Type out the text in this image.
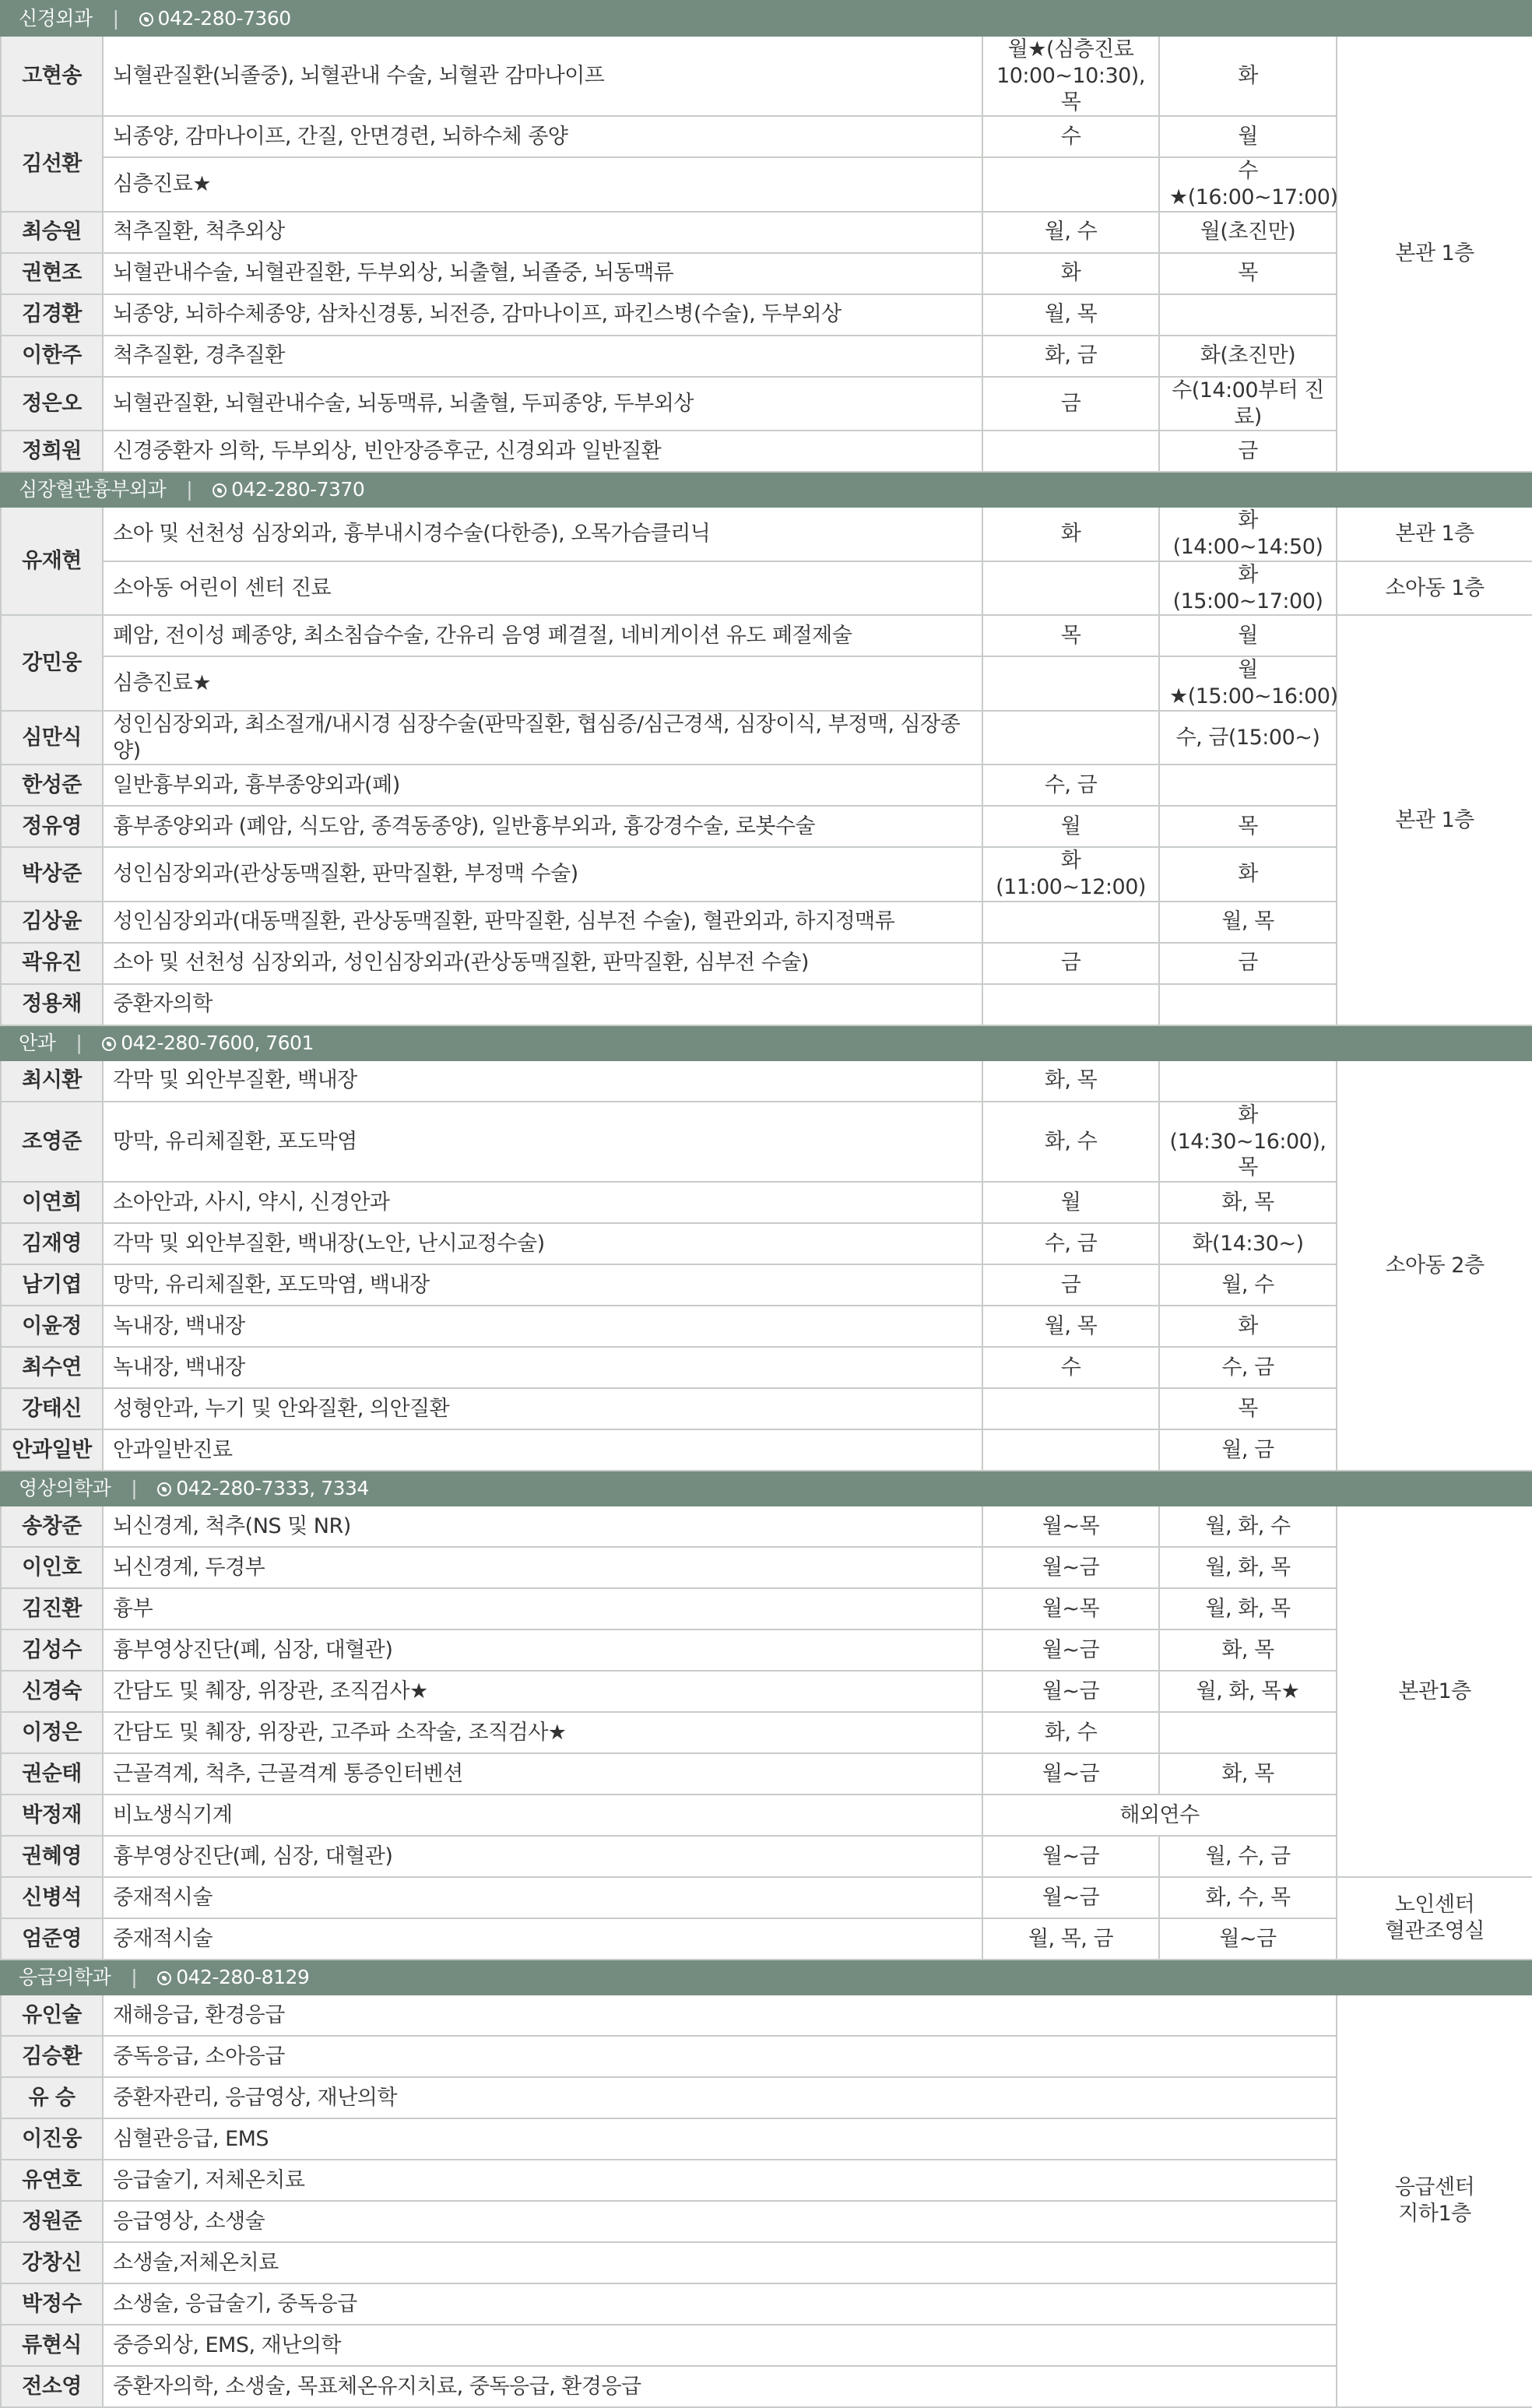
신경외과 | 042-280-7360				
고현송	뇌혈관질환(뇌졸중), 뇌혈관내 수술, 뇌혈관 감마나이프	월★(심층진료 10:00~10:30), 목	화	본관 1층
김선환	뇌종양, 감마나이프, 간질, 안면경련, 뇌하수체 종양	수	월	
	심층진료★		수★(16:00~17:00)	
최승원	척추질환, 척추외상	월, 수	월(초진만)	
권현조	뇌혈관내수술, 뇌혈관질환, 두부외상, 뇌출혈, 뇌졸중, 뇌동맥류	화	목	
김경환	뇌종양, 뇌하수체종양, 삼차신경통, 뇌전증, 감마나이프, 파킨스병(수술), 두부외상	월, 목		
이한주	척추질환, 경추질환	화, 금	화(초진만)	
정은오	뇌혈관질환, 뇌혈관내수술, 뇌동맥류, 뇌출혈, 두피종양, 두부외상	금	수(14:00부터 진료)	
정희원	신경중환자 의학, 두부외상, 빈안장증후군, 신경외과 일반질환		금	
심장혈관흉부외과 | 042-280-7370				
유재현	소아 및 선천성 심장외과, 흉부내시경수술(다한증), 오목가슴클리닉	화	화(14:00~14:50)	본관 1층
	소아동 어린이 센터 진료		화(15:00~17:00)	소아동 1층
강민웅	폐암, 전이성 폐종양, 최소침습수술, 간유리 음영 폐결절, 네비게이션 유도 폐절제술	목	월	본관 1층
	심층진료★		월★(15:00~16:00)	
심만식	성인심장외과, 최소절개/내시경 심장수술(판막질환, 협심증/심근경색, 심장이식, 부정맥, 심장종양)		수, 금(15:00~)	
한성준	일반흉부외과, 흉부종양외과(폐)	수, 금		
정유영	흉부종양외과 (폐암, 식도암, 종격동종양), 일반흉부외과, 흉강경수술, 로봇수술	월	목	
박상준	성인심장외과(관상동맥질환, 판막질환, 부정맥 수술)	화(11:00~12:00)	화	
김상윤	성인심장외과(대동맥질환, 관상동맥질환, 판막질환, 심부전 수술), 혈관외과, 하지정맥류		월, 목	
곽유진	소아 및 선천성 심장외과, 성인심장외과(관상동맥질환, 판막질환, 심부전 수술)	금	금	
정용채	중환자의학			
안과 | 042-280-7600, 7601				
최시환	각막 및 외안부질환, 백내장	화, 목		소아동 2층
조영준	망막, 유리체질환, 포도막염	화, 수	화(14:30~16:00), 목	
이연희	소아안과, 사시, 약시, 신경안과	월	화, 목	
김재영	각막 및 외안부질환, 백내장(노안, 난시교정수술)	수, 금	화(14:30~)	
남기엽	망막, 유리체질환, 포도막염, 백내장	금	월, 수	
이윤정	녹내장, 백내장	월, 목	화	
최수연	녹내장, 백내장	수	수, 금	
강태신	성형안과, 누기 및 안와질환, 의안질환		목	
안과일반	안과일반진료		월, 금	
영상의학과 | 042-280-7333, 7334				
송창준	뇌신경계, 척추(NS 및 NR)	월~목	월, 화, 수	본관1층
이인호	뇌신경계, 두경부	월~금	월, 화, 목	
김진환	흉부	월~목	월, 화, 목	
김성수	흉부영상진단(폐, 심장, 대혈관)	월~금	화, 목	
신경숙	간담도 및 췌장, 위장관, 조직검사★	월~금	월, 화, 목★	
이정은	간담도 및 췌장, 위장관, 고주파 소작술, 조직검사★	화, 수		
권순태	근골격계, 척추, 근골격계 통증인터벤션	월~금	화, 목	
박정재	비뇨생식기계	해외연수		
권혜영	흉부영상진단(폐, 심장, 대혈관)	월~금	월, 수, 금	
신병석	중재적시술	월~금	화, 수, 목	노인센터
혈관조영실
엄준영	중재적시술	월, 목, 금	월~금	
응급의학과 | 042-280-8129				
유인술	재해응급, 환경응급			응급센터
지하1층
김승환	중독응급, 소아응급			
유 승	중환자관리, 응급영상, 재난의학			
이진웅	심혈관응급, EMS			
유연호	응급술기, 저체온치료			
정원준	응급영상, 소생술			
강창신	소생술,저체온치료			
박정수	소생술, 응급술기, 중독응급			
류현식	중증외상, EMS, 재난의학			
전소영	중환자의학, 소생술, 목표체온유지치료, 중독응급, 환경응급			
